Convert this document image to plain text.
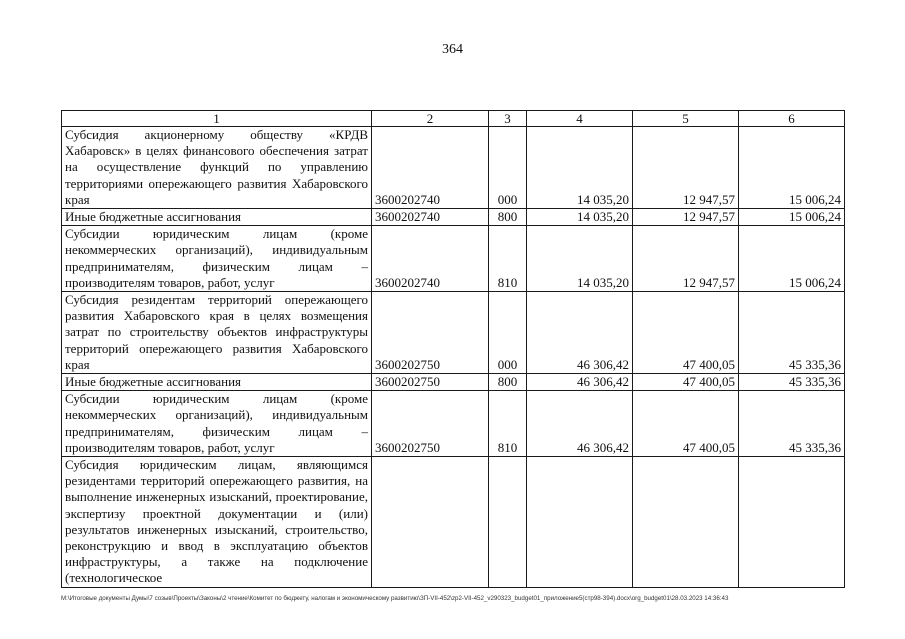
364
1	2	3	4	5	6
Субсидия акционерному обществу «КРДВ Хабаровск» в целях финансового обеспечения затрат на осуществление функций по управлению территориями опережающего развития Хабаровского края	3600202740	000	14 035,20	12 947,57	15 006,24
Иные бюджетные ассигнования	3600202740	800	14 035,20	12 947,57	15 006,24
Субсидии юридическим лицам (кроме некоммерческих организаций), индивидуальным предпринимателям, физическим лицам – производителям товаров, работ, услуг	3600202740	810	14 035,20	12 947,57	15 006,24
Субсидия резидентам территорий опережающего развития Хабаровского края в целях возмещения затрат по строительству объектов инфраструктуры территорий опережающего развития Хабаровского края	3600202750	000	46 306,42	47 400,05	45 335,36
Иные бюджетные ассигнования	3600202750	800	46 306,42	47 400,05	45 335,36
Субсидии юридическим лицам (кроме некоммерческих организаций), индивидуальным предпринимателям, физическим лицам – производителям товаров, работ, услуг	3600202750	810	46 306,42	47 400,05	45 335,36
Субсидия юридическим лицам, являющимся резидентами территорий опережающего развития, на выполнение инженерных изысканий, проектирование, экспертизу проектной документации и (или) результатов инженерных изысканий, строительство, реконструкцию и ввод в эксплуатацию объектов инфраструктуры, а также на подключение (технологическое					
M:\Итоговые документы Думы\7 созыв\Проекты\Законы\2 чтение\Комитет по бюджету, налогам и экономическому развитию\ЗП-VII-452\zp2-VII-452_v290323_budget01_приложение5(стр98-394).docx\org_budget01\28.03.2023 14:36:43
